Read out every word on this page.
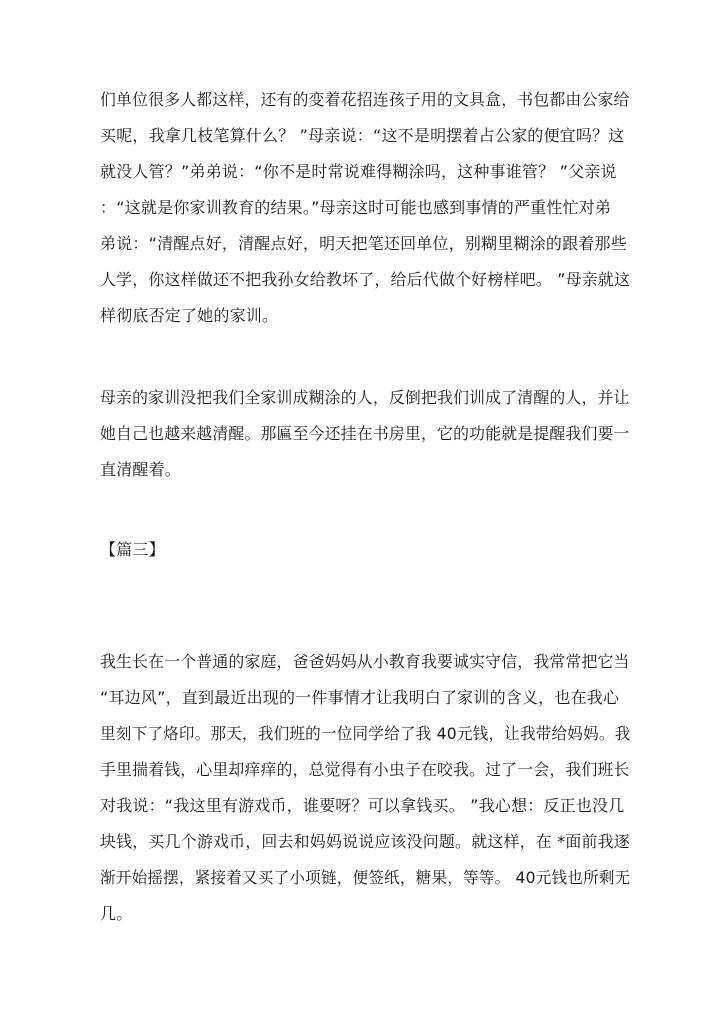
们单位很多人都这样，还有的变着花招连孩子用的文具盒，书包都由公家给
买呢，我拿几枝笔算什么？ ”母亲说：“这不是明摆着占公家的便宜吗？这
就没人管？”弟弟说：“你不是时常说难得糊涂吗，这种事谁管？ ”父亲说
：“这就是你家训教育的结果。”母亲这时可能也感到事情的严重性忙对弟
弟说：“清醒点好，清醒点好，明天把笔还回单位，别糊里糊涂的跟着那些
人学，你这样做还不把我孙女给教坏了，给后代做个好榜样吧。 ”母亲就这
样彻底否定了她的家训。
母亲的家训没把我们全家训成糊涂的人，反倒把我们训成了清醒的人，并让
她自己也越来越清醒。那匾至今还挂在书房里，它的功能就是提醒我们要一
直清醒着。
【篇三】
我生长在一个普通的家庭，爸爸妈妈从小教育我要诚实守信，我常常把它当
“耳边风”，直到最近出现的一件事情才让我明白了家训的含义，也在我心
里刻下了烙印。那天，我们班的一位同学给了我 40元钱，让我带给妈妈。我
手里揣着钱，心里却痒痒的，总觉得有小虫子在咬我。过了一会，我们班长
对我说：“我这里有游戏币，谁要呀？可以拿钱买。 ”我心想：反正也没几
块钱，买几个游戏币，回去和妈妈说说应该没问题。就这样，在 *面前我逐
渐开始摇摆，紧接着又买了小项链，便签纸，糖果，等等。 40元钱也所剩无
几。
